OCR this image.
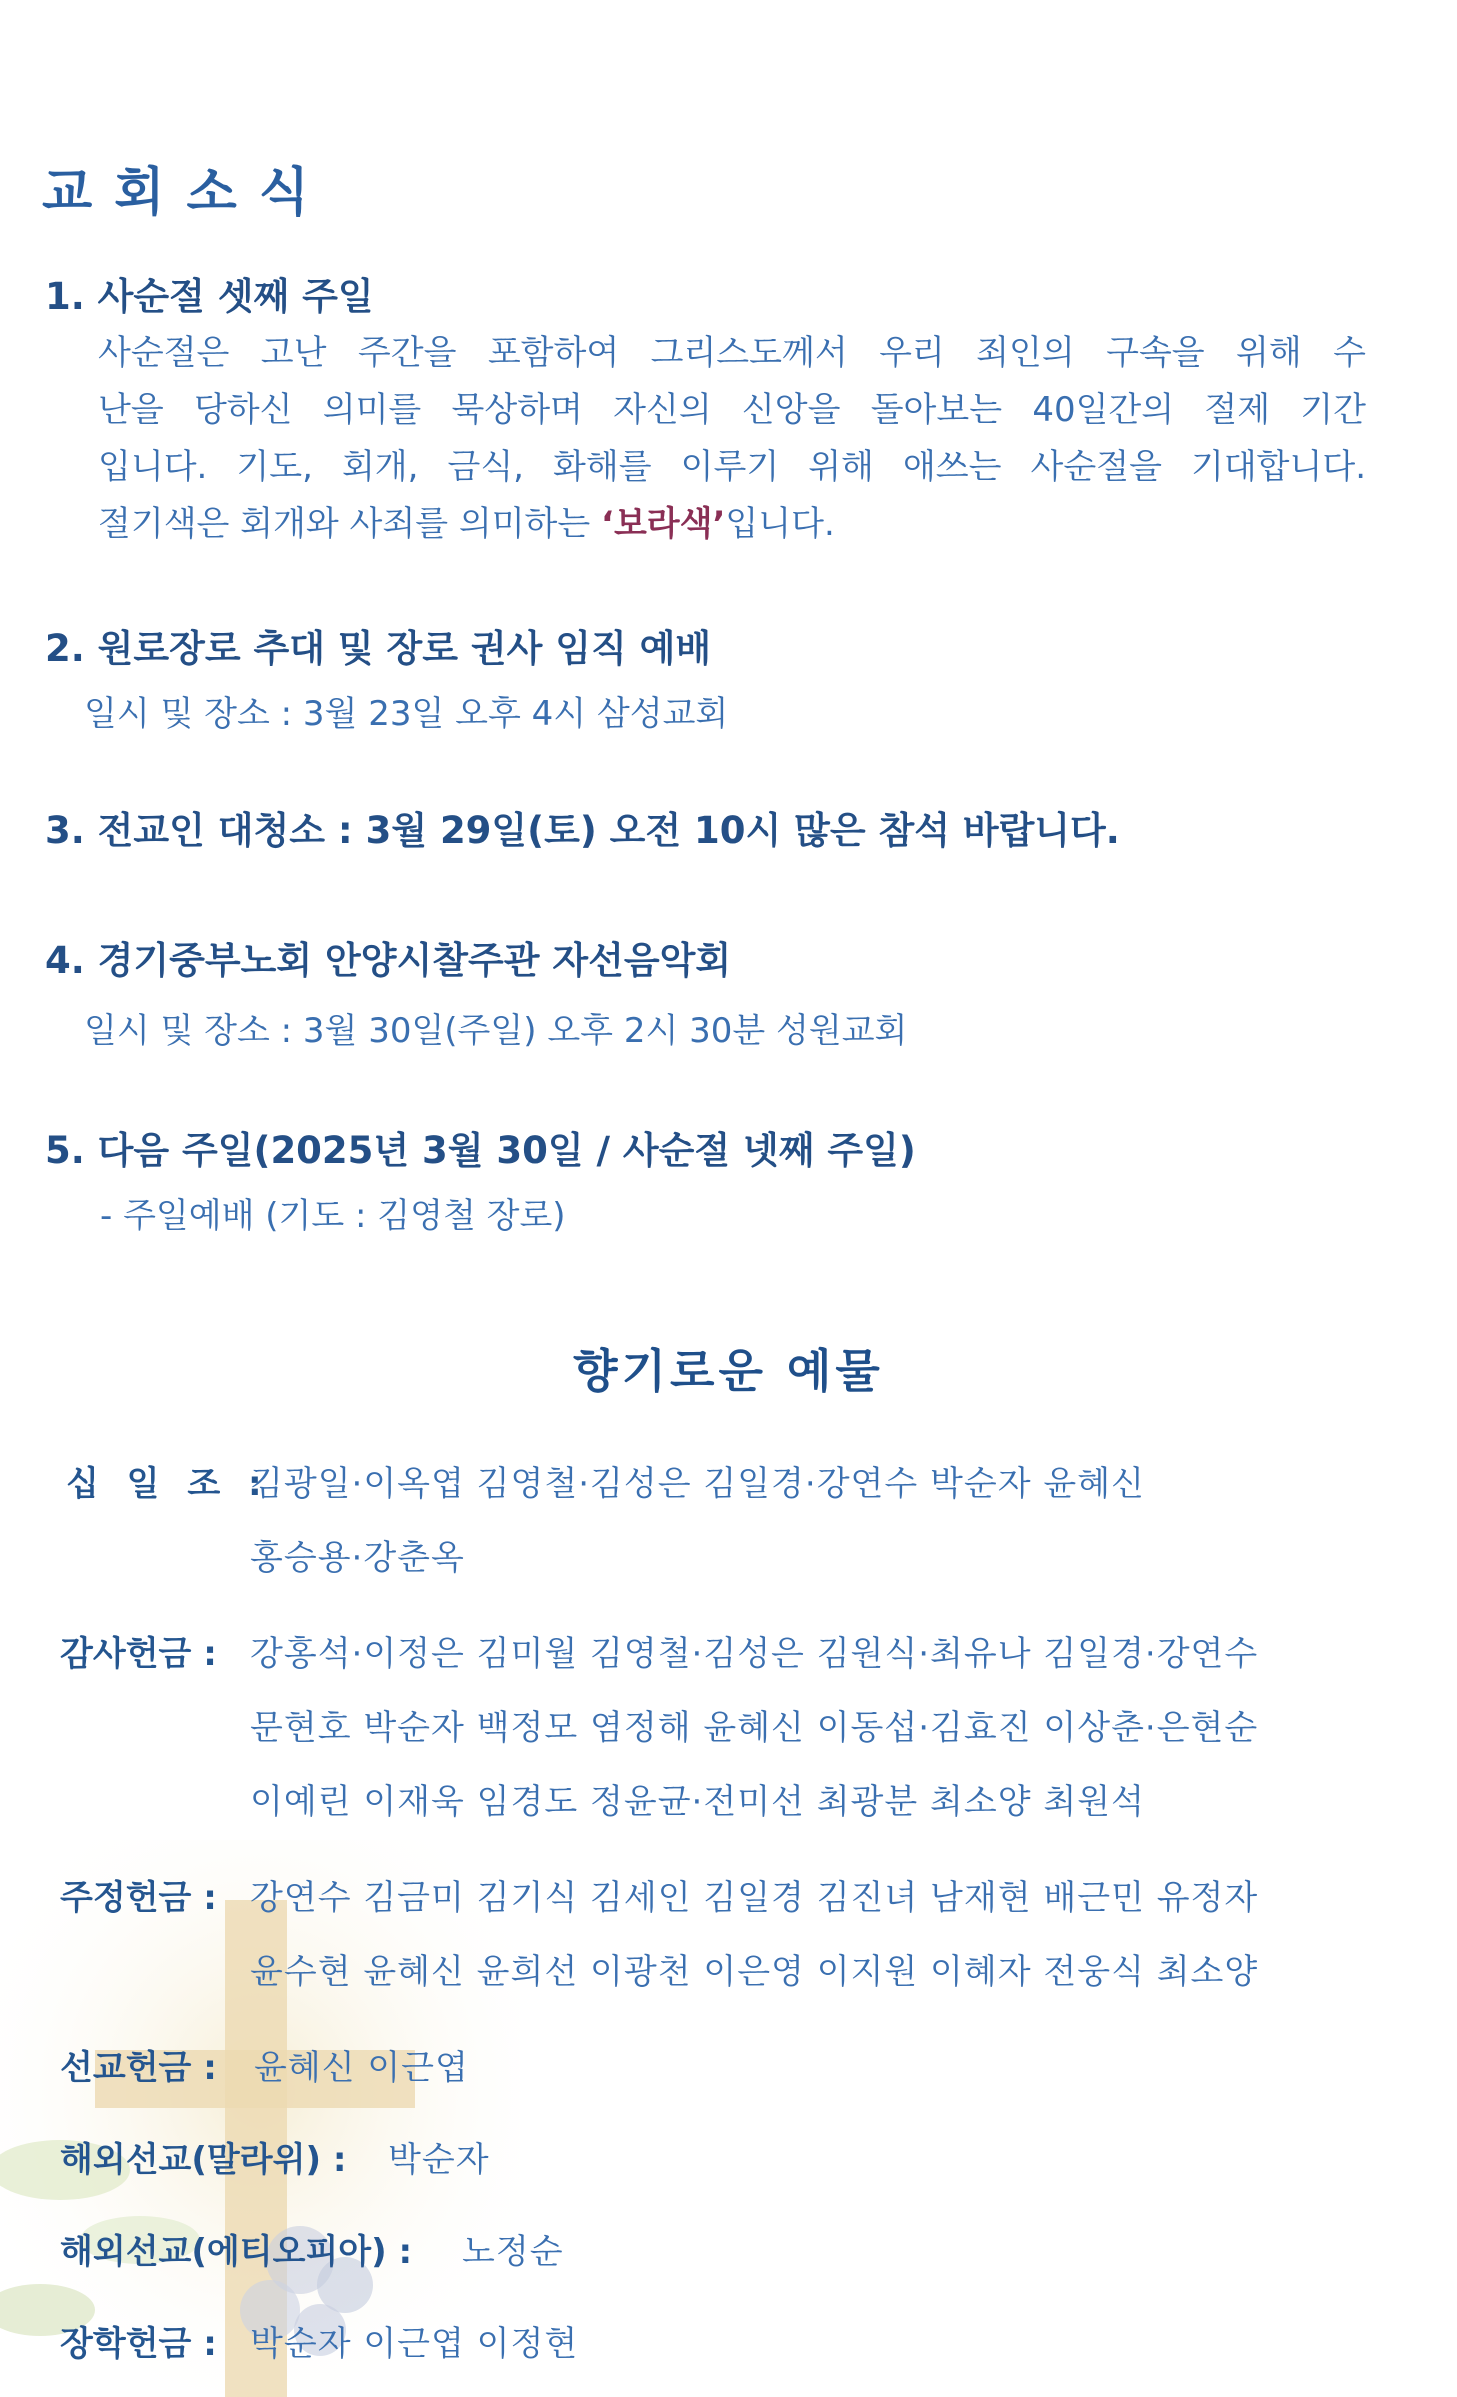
교회소식
1. 사순절 셋째 주일
사순절은 고난 주간을 포함하여 그리스도께서 우리 죄인의 구속을 위해 수
난을 당하신 의미를 묵상하며 자신의 신앙을 돌아보는 40일간의 절제 기간
입니다. 기도, 회개, 금식, 화해를 이루기 위해 애쓰는 사순절을 기대합니다.
절기색은 회개와 사죄를 의미하는 ‘보라색’입니다.
2. 원로장로 추대 및 장로 권사 임직 예배
일시 및 장소 : 3월 23일 오후 4시 삼성교회
3. 전교인 대청소 : 3월 29일(토) 오전 10시 많은 참석 바랍니다.
4. 경기중부노회 안양시찰주관 자선음악회
일시 및 장소 : 3월 30일(주일) 오후 2시 30분 성원교회
5. 다음 주일(2025년 3월 30일 / 사순절 넷째 주일)
- 주일예배 (기도 : 김영철 장로)
향기로운 예물
십 일 조 :
김광일·이옥엽 김영철·김성은 김일경·강연수 박순자 윤혜신
홍승용·강춘옥
감사헌금 : 강홍석·이정은 김미월 김영철·김성은 김원식·최유나 김일경·강연수
문현호 박순자 백정모 염정해 윤혜신 이동섭·김효진 이상춘·은현순
이예린 이재욱 임경도 정윤균·전미선 최광분 최소양 최원석
주정헌금 : 강연수 김금미 김기식 김세인 김일경 김진녀 남재현 배근민 유정자
윤수현 윤혜신 윤희선 이광천 이은영 이지원 이혜자 전웅식 최소양
선교헌금 : 윤혜신 이근엽
해외선교(말라위) : 박순자
해외선교(에티오피아) : 노정순
장학헌금 : 박순자 이근엽 이정현
